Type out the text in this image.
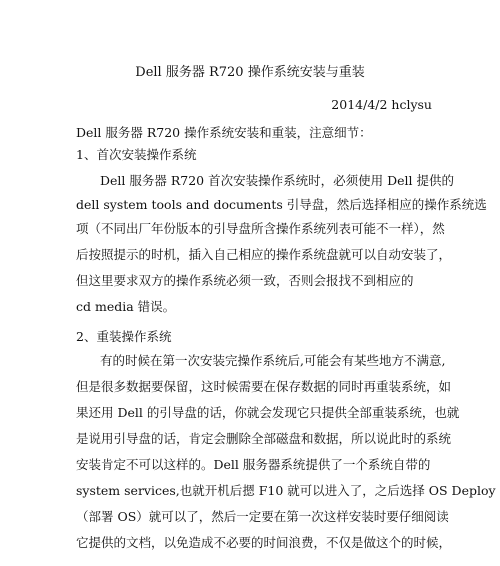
Dell 服务器 R720 操作系统安装与重装
2014/4/2 hclysu
Dell 服务器 R720 操作系统安装和重装，注意细节：
1、首次安装操作系统
Dell 服务器 R720 首次安装操作系统时，必须使用 Dell 提供的
dell system tools and documents 引导盘，然后选择相应的操作系统选
项（不同出厂年份版本的引导盘所含操作系统列表可能不一样），然
后按照提示的时机，插入自己相应的操作系统盘就可以自动安装了，
但这里要求双方的操作系统必须一致，否则会报找不到相应的
cd media 错误。
2、重装操作系统
有的时候在第一次安装完操作系统后,可能会有某些地方不满意,
但是很多数据要保留，这时候需要在保存数据的同时再重装系统，如
果还用 Dell 的引导盘的话，你就会发现它只提供全部重装系统，也就
是说用引导盘的话，肯定会删除全部磁盘和数据，所以说此时的系统
安装肯定不可以这样的。Dell 服务器系统提供了一个系统自带的
system services,也就开机后摁 F10 就可以进入了，之后选择 OS Deploy
（部署 OS）就可以了，然后一定要在第一次这样安装时要仔细阅读
它提供的文档，以免造成不必要的时间浪费，不仅是做这个的时候，
